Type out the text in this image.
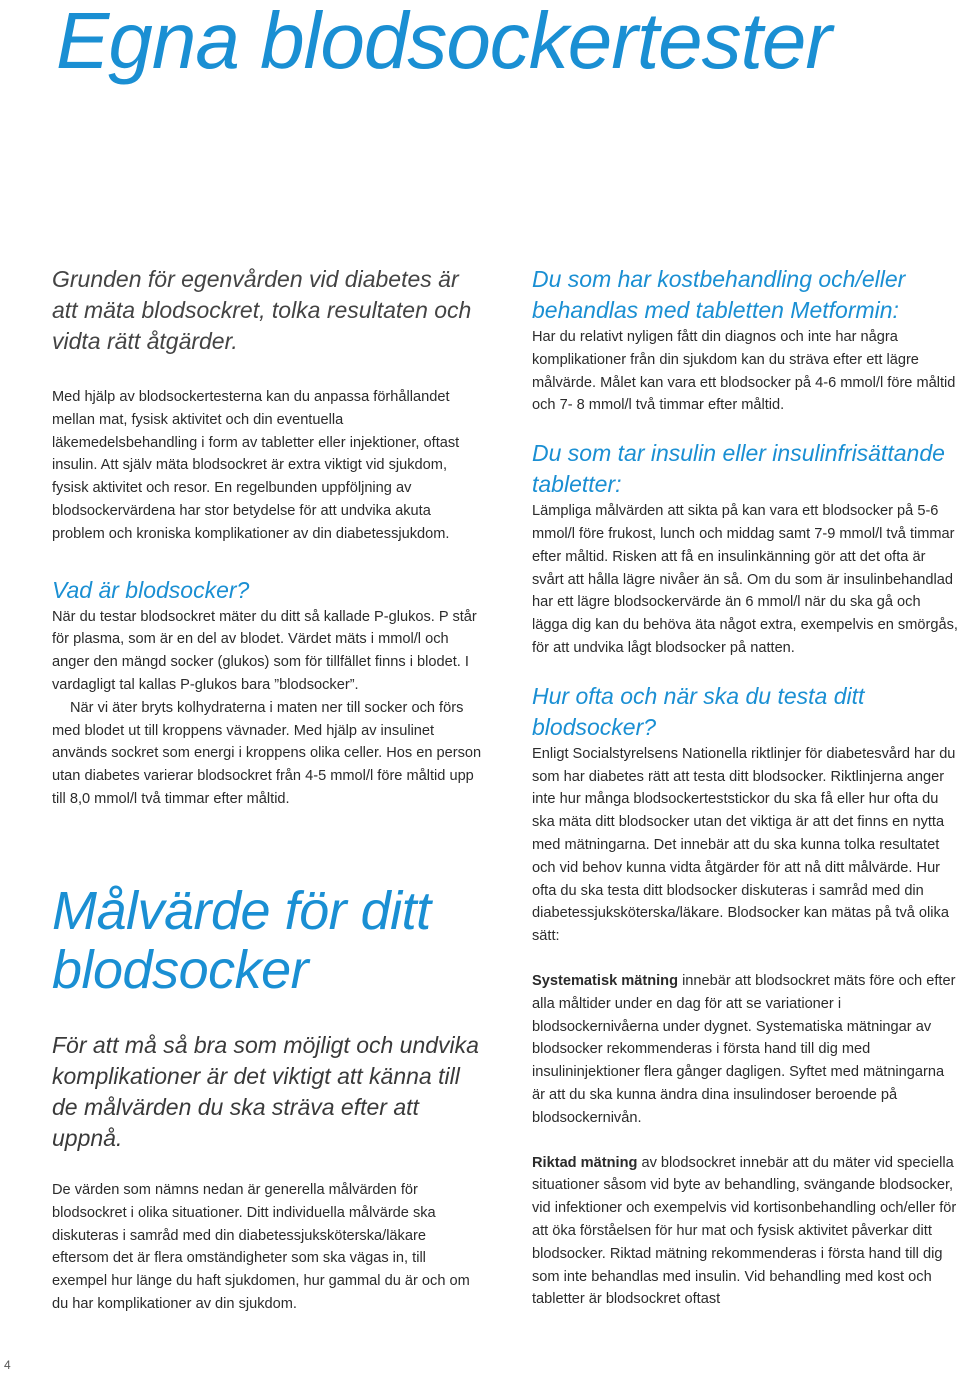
Egna blodsockertester

Grunden för egenvården vid diabetes är att mäta blodsockret, tolka resultaten och vidta rätt åtgärder.

Med hjälp av blodsockertesterna kan du anpassa förhållandet mellan mat, fysisk aktivitet och din eventuella läkemedelsbehandling i form av tabletter eller injektioner, oftast insulin. Att själv mäta blodsockret är extra viktigt vid sjukdom, fysisk aktivitet och resor. En regelbunden uppföljning av blodsockervärdena har stor betydelse för att undvika akuta problem och kroniska komplikationer av din diabetessjukdom.

Vad är blodsocker?

När du testar blodsockret mäter du ditt så kallade P-glukos. P står för plasma, som är en del av blodet. Värdet mäts i mmol/l och anger den mängd socker (glukos) som för tillfället finns i blodet. I vardagligt tal kallas P-glukos bara ”blodsocker”.

När vi äter bryts kolhydraterna i maten ner till socker och förs med blodet ut till kroppens vävnader. Med hjälp av insulinet används sockret som energi i kroppens olika celler. Hos en person utan diabetes varierar blodsockret från 4-5 mmol/l före måltid upp till 8,0 mmol/l två timmar efter måltid.

Målvärde för ditt blodsocker

För att må så bra som möjligt och undvika komplikationer är det viktigt att känna till de målvärden du ska sträva efter att uppnå.

De värden som nämns nedan är generella målvärden för blodsockret i olika situationer. Ditt individuella målvärde ska diskuteras i samråd med din diabetessjuksköterska/läkare eftersom det är flera omständigheter som ska vägas in, till exempel hur länge du haft sjukdomen, hur gammal du är och om du har komplikationer av din sjukdom.

Du som har kostbehandling och/eller behandlas med tabletten Metformin:

Har du relativt nyligen fått din diagnos och inte har några komplikationer från din sjukdom kan du sträva efter ett lägre målvärde. Målet kan vara ett blodsocker på 4-6 mmol/l före måltid och 7- 8 mmol/l två timmar efter måltid.

Du som tar insulin eller insulinfrisättande tabletter:

Lämpliga målvärden att sikta på kan vara ett blodsocker på 5-6 mmol/l före frukost, lunch och middag samt 7-9 mmol/l två timmar efter måltid. Risken att få en insulinkänning gör att det ofta är svårt att hålla lägre nivåer än så. Om du som är insulinbehandlad har ett lägre blodsockervärde än 6 mmol/l när du ska gå och lägga dig kan du behöva äta något extra, exempelvis en smörgås, för att undvika lågt blodsocker på natten.

Hur ofta och när ska du testa ditt blodsocker?

Enligt Socialstyrelsens Nationella riktlinjer för diabetesvård har du som har diabetes rätt att testa ditt blodsocker. Riktlinjerna anger inte hur många blodsockerteststickor du ska få eller hur ofta du ska mäta ditt blodsocker utan det viktiga är att det finns en nytta med mätningarna. Det innebär att du ska kunna tolka resultatet och vid behov kunna vidta åtgärder för att nå ditt målvärde. Hur ofta du ska testa ditt blodsocker diskuteras i samråd med din diabetessjuksköterska/läkare. Blodsocker kan mätas på två olika sätt:

Systematisk mätning innebär att blodsockret mäts före och efter alla måltider under en dag för att se variationer i blodsockernivåerna under dygnet. Systematiska mätningar av blodsocker rekommenderas i första hand till dig med insulininjektioner flera gånger dagligen. Syftet med mätningarna är att du ska kunna ändra dina insulindoser beroende på blodsockernivån.

Riktad mätning av blodsockret innebär att du mäter vid speciella situationer såsom vid byte av behandling, svängande blodsocker, vid infektioner och exempelvis vid kortisonbehandling och/eller för att öka förståelsen för hur mat och fysisk aktivitet påverkar ditt blodsocker. Riktad mätning rekommenderas i första hand till dig som inte behandlas med insulin. Vid behandling med kost och tabletter är blodsockret oftast

4
